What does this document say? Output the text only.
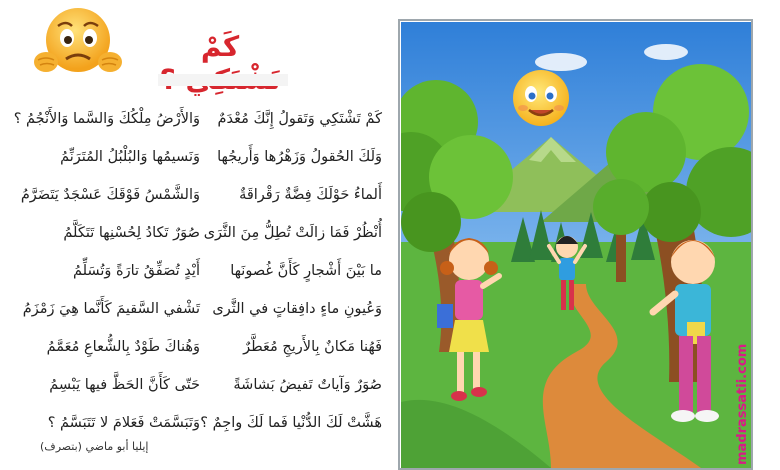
كَمْ
كَمْ تَشْتَكِي وَتَقولُ إِنَّكَ مُعْدَمٌ
وَلَكَ الحُقولُ وَزَهْرُها وَأَريجُها
أَلماءُ حَوْلَكَ فِضَّةٌ رَقْراقَةٌ
أُنْظُرْ فَمَا زالَتْ تُطِلُّ مِنَ الثَّرَى
ما بَيْنَ أَشْجارٍ كَأَنَّ غُصونَها
وَعُيونِ ماءٍ دافِقاتٍ في الثَّرى
فَهُنا مَكانٌ بِالأَريجِ مُعَطَّرٌ
صُوَرٌ وَآياتٌ تَفيضُ بَشاشَةً
هَشَّتْ لَكَ الدُّنْيا فَما لَكَ واجِمٌ ؟
وَالأَرْضُ مِلْكُكَ وَالسَّما وَالأَنْجُمُ ؟
وَنَسيمُها وَالبُلْبُلُ المُتَرَنِّمُ
وَالشَّمْسُ فَوْقَكَ عَسْجَدٌ يَتَضَرَّمُ
صُوَرٌ تَكادُ لِحُسْنِها تَتَكَلَّمُ
أَيْدٍ تُصَفِّقُ تارَةً وَتُسَلِّمُ
تَشْفي السَّقيمَ كَأَنَّما هِيَ زَمْزَمُ
وَهُناكَ طَوْدٌ بِالشُّعاعِ مُعَمَّمُ
حَتّى كَأَنَّ الحَظَّ فيها يَبْسِمُ
وَتَبَسَّمَتْ فَعَلامَ لا تَتَبَسَّمُ ؟
إيليا أبو ماضي (بتصرف)	madrassatii.com
